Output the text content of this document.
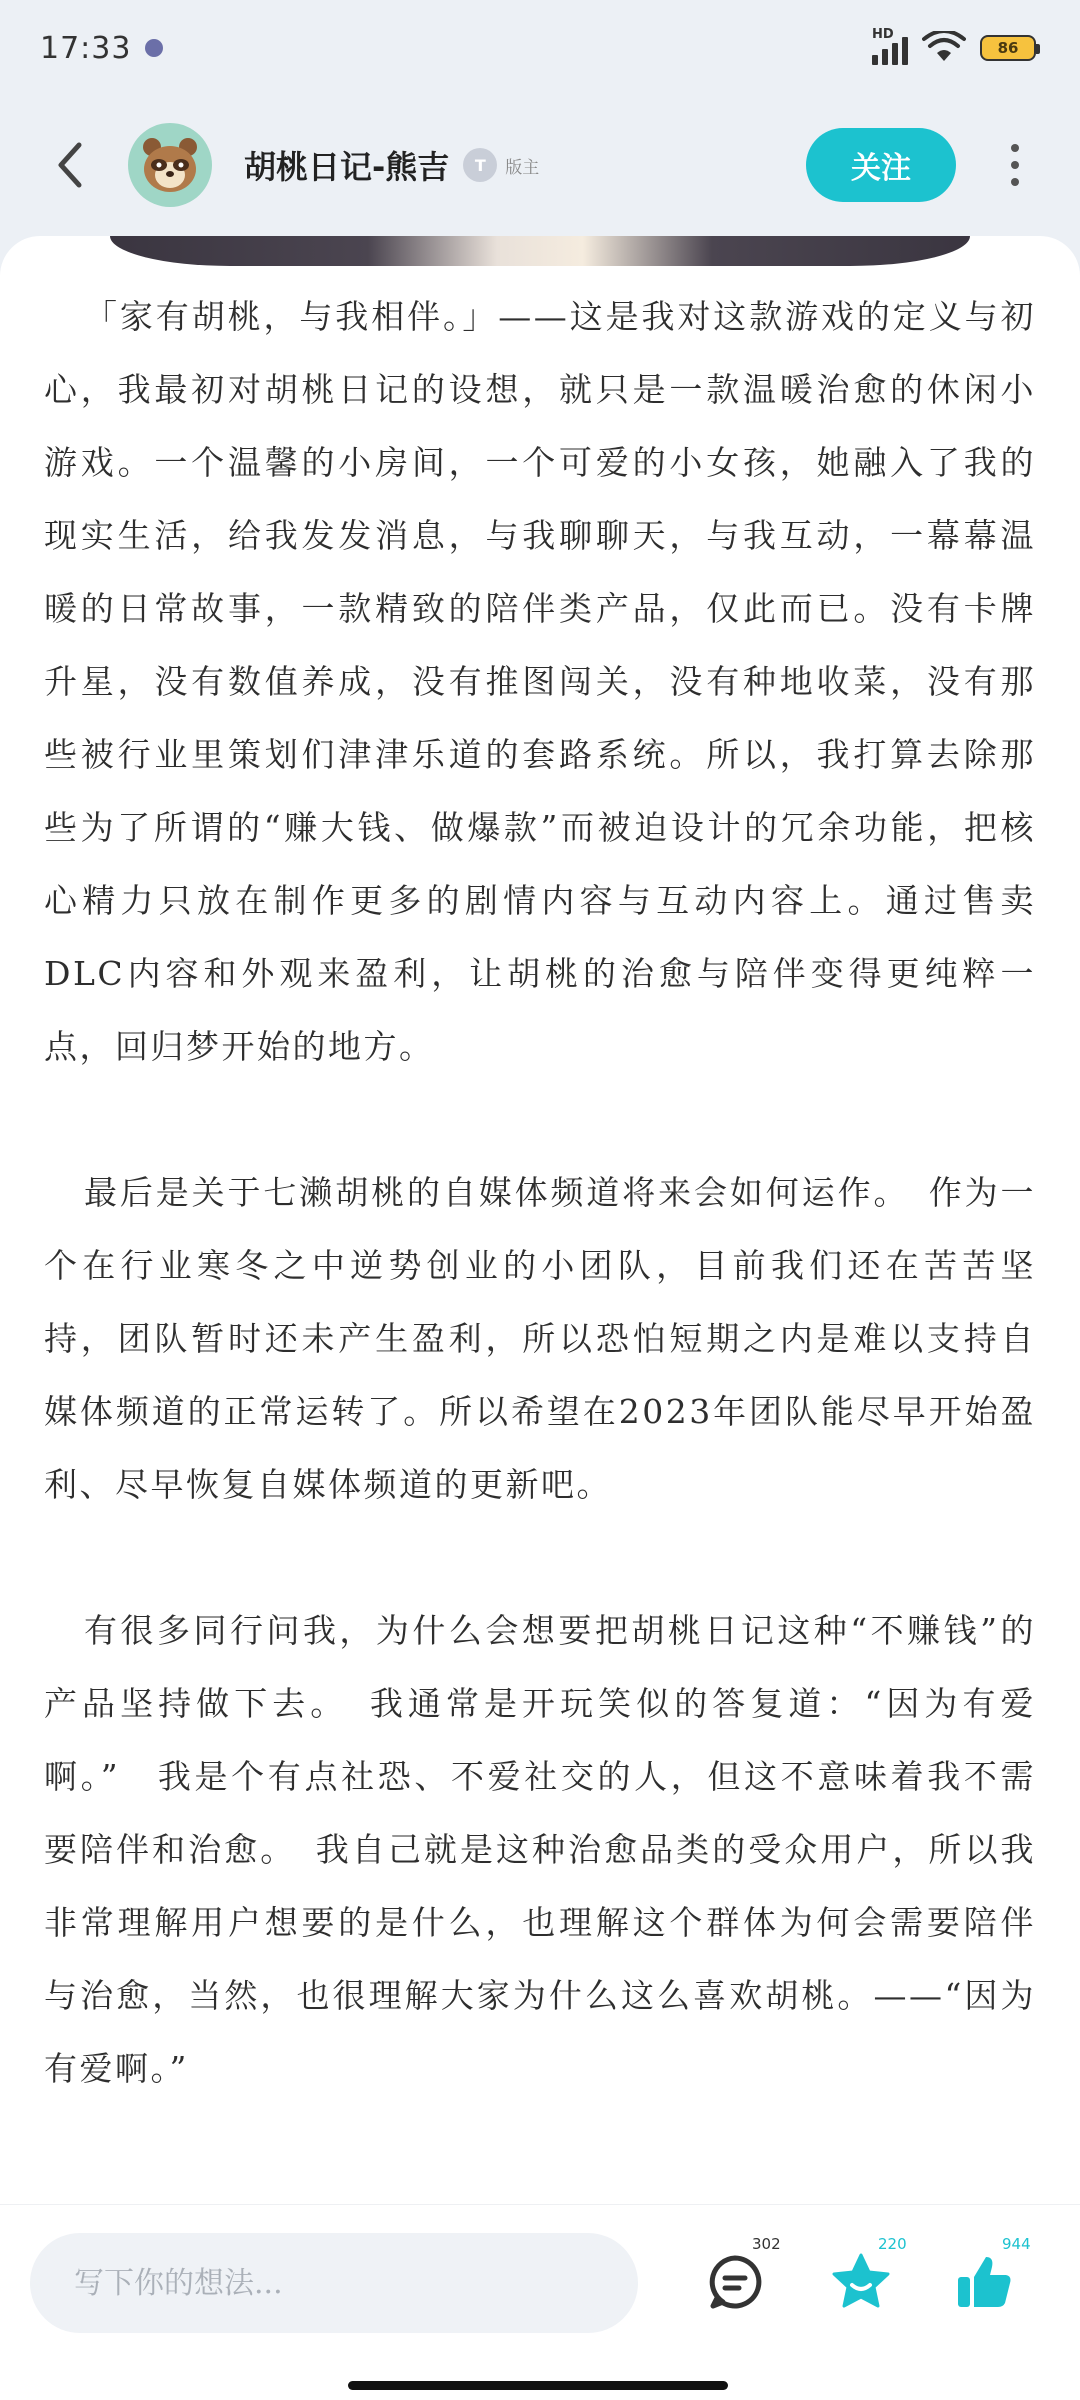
17:33	HD
86
胡桃日记-熊吉	T	版主	关注

「家有胡桃，与我相伴。」——这是我对这款游戏的定义与初心，我最初对胡桃日记的设想，就只是一款温暖治愈的休闲小游戏。一个温馨的小房间，一个可爱的小女孩，她融入了我的现实生活，给我发发消息，与我聊聊天，与我互动，一幕幕温暖的日常故事，一款精致的陪伴类产品，仅此而已。没有卡牌升星，没有数值养成，没有推图闯关，没有种地收菜，没有那些被行业里策划们津津乐道的套路系统。所以，我打算去除那些为了所谓的“赚大钱、做爆款”而被迫设计的冗余功能，把核心精力只放在制作更多的剧情内容与互动内容上。通过售卖DLC内容和外观来盈利，让胡桃的治愈与陪伴变得更纯粹一点，回归梦开始的地方。

最后是关于七濑胡桃的自媒体频道将来会如何运作。　作为一个在行业寒冬之中逆势创业的小团队，目前我们还在苦苦坚持，团队暂时还未产生盈利，所以恐怕短期之内是难以支持自媒体频道的正常运转了。所以希望在2023年团队能尽早开始盈利、尽早恢复自媒体频道的更新吧。

有很多同行问我，为什么会想要把胡桃日记这种“不赚钱”的产品坚持做下去。　我通常是开玩笑似的答复道：“因为有爱啊。”　我是个有点社恐、不爱社交的人，但这不意味着我不需要陪伴和治愈。　我自己就是这种治愈品类的受众用户，所以我非常理解用户想要的是什么，也理解这个群体为何会需要陪伴与治愈，当然，也很理解大家为什么这么喜欢胡桃。——“因为有爱啊。”

写下你的想法...
302	220	944
